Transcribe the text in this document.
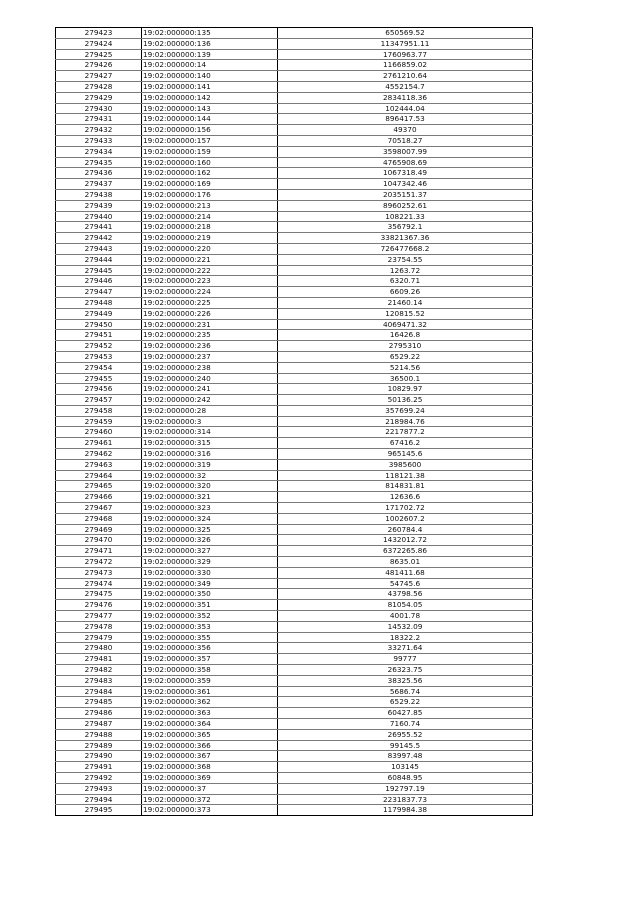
279423	19:02:000000:135	650569.52
279424	19:02:000000:136	11347951.11
279425	19:02:000000:139	1760963.77
279426	19:02:000000:14	1166859.02
279427	19:02:000000:140	2761210.64
279428	19:02:000000:141	4552154.7
279429	19:02:000000:142	2834118.36
279430	19:02:000000:143	102444.04
279431	19:02:000000:144	896417.53
279432	19:02:000000:156	49370
279433	19:02:000000:157	70518.27
279434	19:02:000000:159	3598007.99
279435	19:02:000000:160	4765908.69
279436	19:02:000000:162	1067318.49
279437	19:02:000000:169	1047342.46
279438	19:02:000000:176	2035151.37
279439	19:02:000000:213	8960252.61
279440	19:02:000000:214	108221.33
279441	19:02:000000:218	356792.1
279442	19:02:000000:219	33821367.36
279443	19:02:000000:220	726477668.2
279444	19:02:000000:221	23754.55
279445	19:02:000000:222	1263.72
279446	19:02:000000:223	6320.71
279447	19:02:000000:224	6609.26
279448	19:02:000000:225	21460.14
279449	19:02:000000:226	120815.52
279450	19:02:000000:231	4069471.32
279451	19:02:000000:235	16426.8
279452	19:02:000000:236	2795310
279453	19:02:000000:237	6529.22
279454	19:02:000000:238	5214.56
279455	19:02:000000:240	36500.1
279456	19:02:000000:241	10829.97
279457	19:02:000000:242	50136.25
279458	19:02:000000:28	357699.24
279459	19:02:000000:3	218984.76
279460	19:02:000000:314	2217877.2
279461	19:02:000000:315	67416.2
279462	19:02:000000:316	965145.6
279463	19:02:000000:319	3985600
279464	19:02:000000:32	118121.38
279465	19:02:000000:320	814831.81
279466	19:02:000000:321	12636.6
279467	19:02:000000:323	171702.72
279468	19:02:000000:324	1002607.2
279469	19:02:000000:325	260784.4
279470	19:02:000000:326	1432012.72
279471	19:02:000000:327	6372265.86
279472	19:02:000000:329	8635.01
279473	19:02:000000:330	481411.68
279474	19:02:000000:349	54745.6
279475	19:02:000000:350	43798.56
279476	19:02:000000:351	81054.05
279477	19:02:000000:352	4001.78
279478	19:02:000000:353	14532.09
279479	19:02:000000:355	18322.2
279480	19:02:000000:356	33271.64
279481	19:02:000000:357	99777
279482	19:02:000000:358	26323.75
279483	19:02:000000:359	38325.56
279484	19:02:000000:361	5686.74
279485	19:02:000000:362	6529.22
279486	19:02:000000:363	60427.85
279487	19:02:000000:364	7160.74
279488	19:02:000000:365	26955.52
279489	19:02:000000:366	99145.5
279490	19:02:000000:367	83997.48
279491	19:02:000000:368	103145
279492	19:02:000000:369	60848.95
279493	19:02:000000:37	192797.19
279494	19:02:000000:372	2231837.73
279495	19:02:000000:373	1179984.38
